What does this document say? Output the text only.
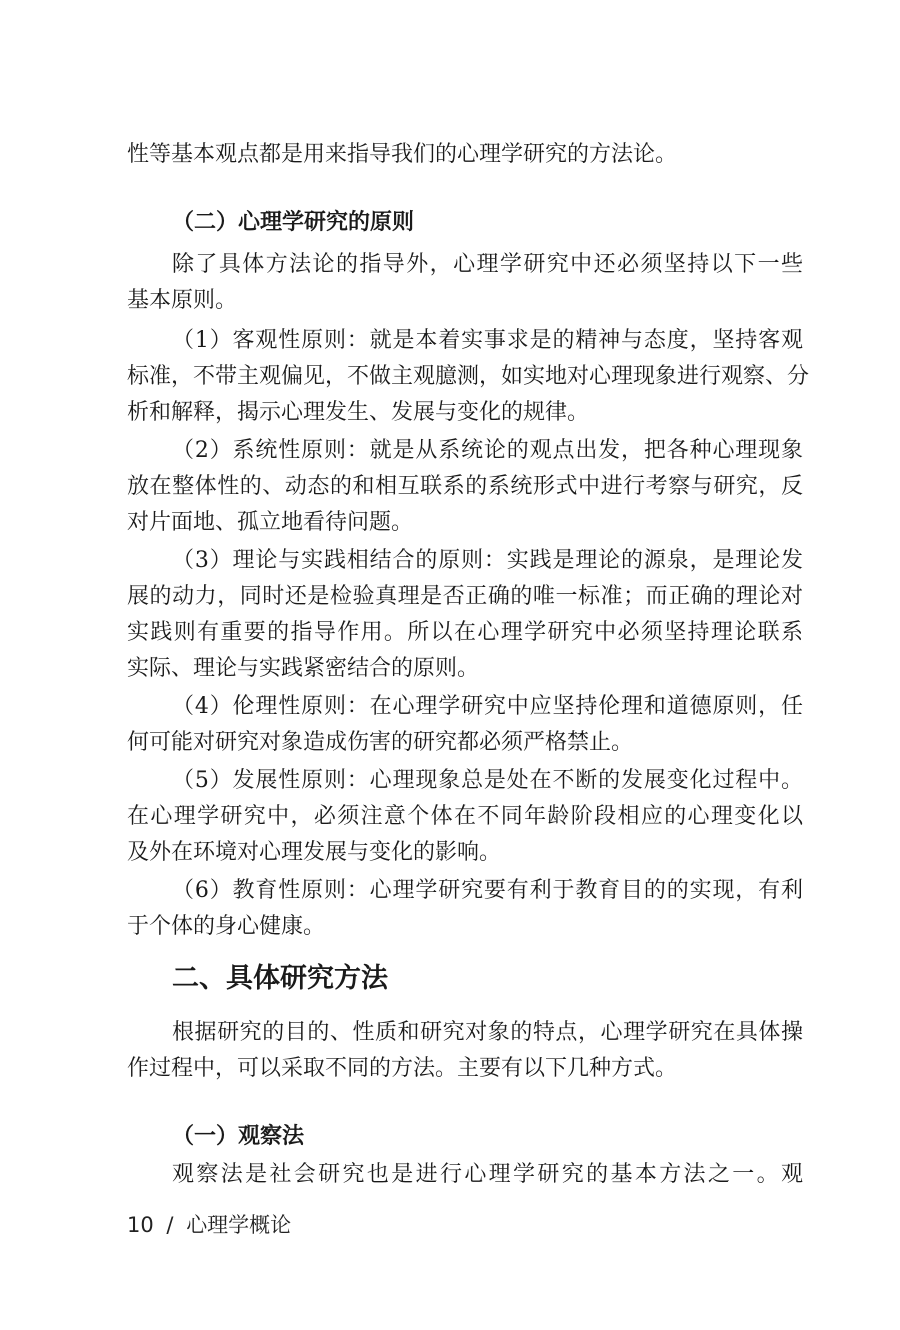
性等基本观点都是用来指导我们的心理学研究的方法论。
（二）心理学研究的原则
除了具体方法论的指导外，心理学研究中还必须坚持以下一些
基本原则。
（1）客观性原则：就是本着实事求是的精神与态度，坚持客观
标准，不带主观偏见，不做主观臆测，如实地对心理现象进行观察、分
析和解释，揭示心理发生、发展与变化的规律。
（2）系统性原则：就是从系统论的观点出发，把各种心理现象
放在整体性的、动态的和相互联系的系统形式中进行考察与研究，反
对片面地、孤立地看待问题。
（3）理论与实践相结合的原则：实践是理论的源泉，是理论发
展的动力，同时还是检验真理是否正确的唯一标准；而正确的理论对
实践则有重要的指导作用。所以在心理学研究中必须坚持理论联系
实际、理论与实践紧密结合的原则。
（4）伦理性原则：在心理学研究中应坚持伦理和道德原则，任
何可能对研究对象造成伤害的研究都必须严格禁止。
（5）发展性原则：心理现象总是处在不断的发展变化过程中。
在心理学研究中，必须注意个体在不同年龄阶段相应的心理变化以
及外在环境对心理发展与变化的影响。
（6）教育性原则：心理学研究要有利于教育目的的实现，有利
于个体的身心健康。
二、具体研究方法
根据研究的目的、性质和研究对象的特点，心理学研究在具体操
作过程中，可以采取不同的方法。主要有以下几种方式。
（一）观察法
观察法是社会研究也是进行心理学研究的基本方法之一。观
10 / 心理学概论
